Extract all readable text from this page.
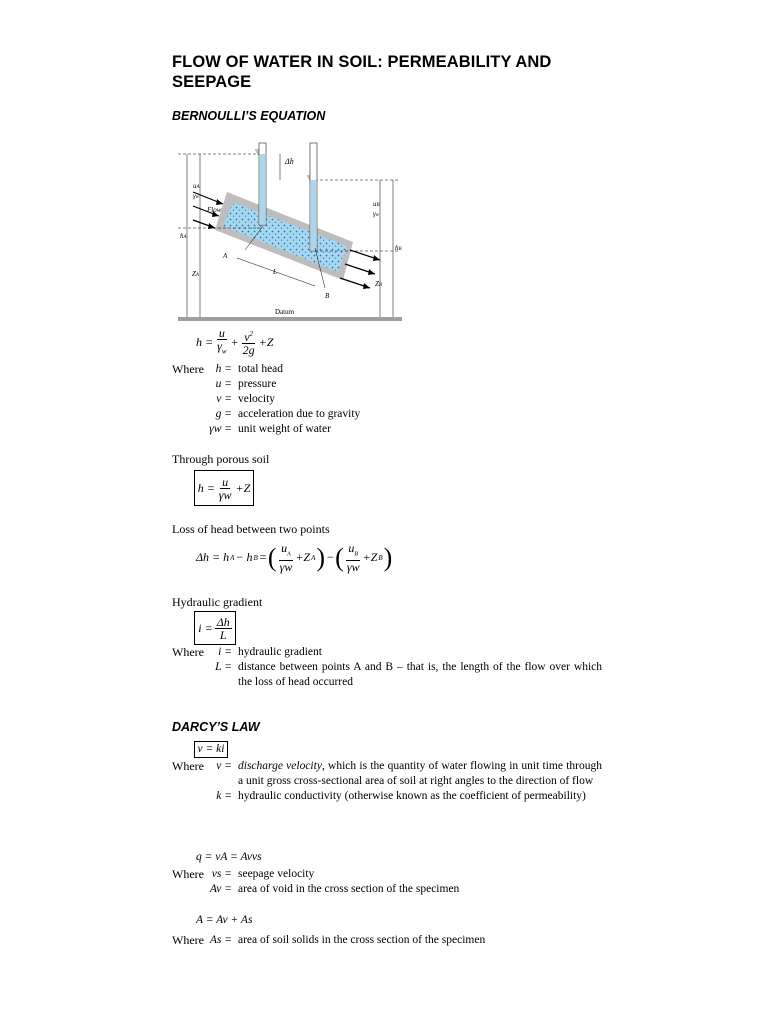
FLOW OF WATER IN SOIL: PERMEABILITY AND SEEPAGE
BERNOULLI’S EQUATION
Δh
uA
γw
hA
ZA
uB
γw
hB
ZB
Flow
A
B
L
Datum
$h = \frac{u}{\gamma_w} + \frac{v^2}{2g} +Z$
Where	h = total head
u = pressure
v = velocity
g = acceleration due to gravity
γw = unit weight of water
Through porous soil
$h = \frac{u}{\gamma w} +Z$
Loss of head between two points
Δh = h A − h B = ( $\frac{u_A}{\gamma w} +Z$ A ) − ( $\frac{u_B}{\gamma w} +Z$ B )
Hydraulic gradient
$i = \frac{\Delta h}{L}$
Where	i = hydraulic gradient
L = distance between points A and B – that is, the length of the flow over which the loss of head occurred
DARCY’S LAW
v = ki
Where	v = discharge velocity, which is the quantity of water flowing in unit time through a unit gross cross-sectional area of soil at right angles to the direction of flow
k = hydraulic conductivity (otherwise known as the coefficient of permeability)
q = vA = Avvs
Where vs = seepage velocity
Av = area of void in the cross section of the specimen
A = Av + As
Where As = area of soil solids in the cross section of the specimen
